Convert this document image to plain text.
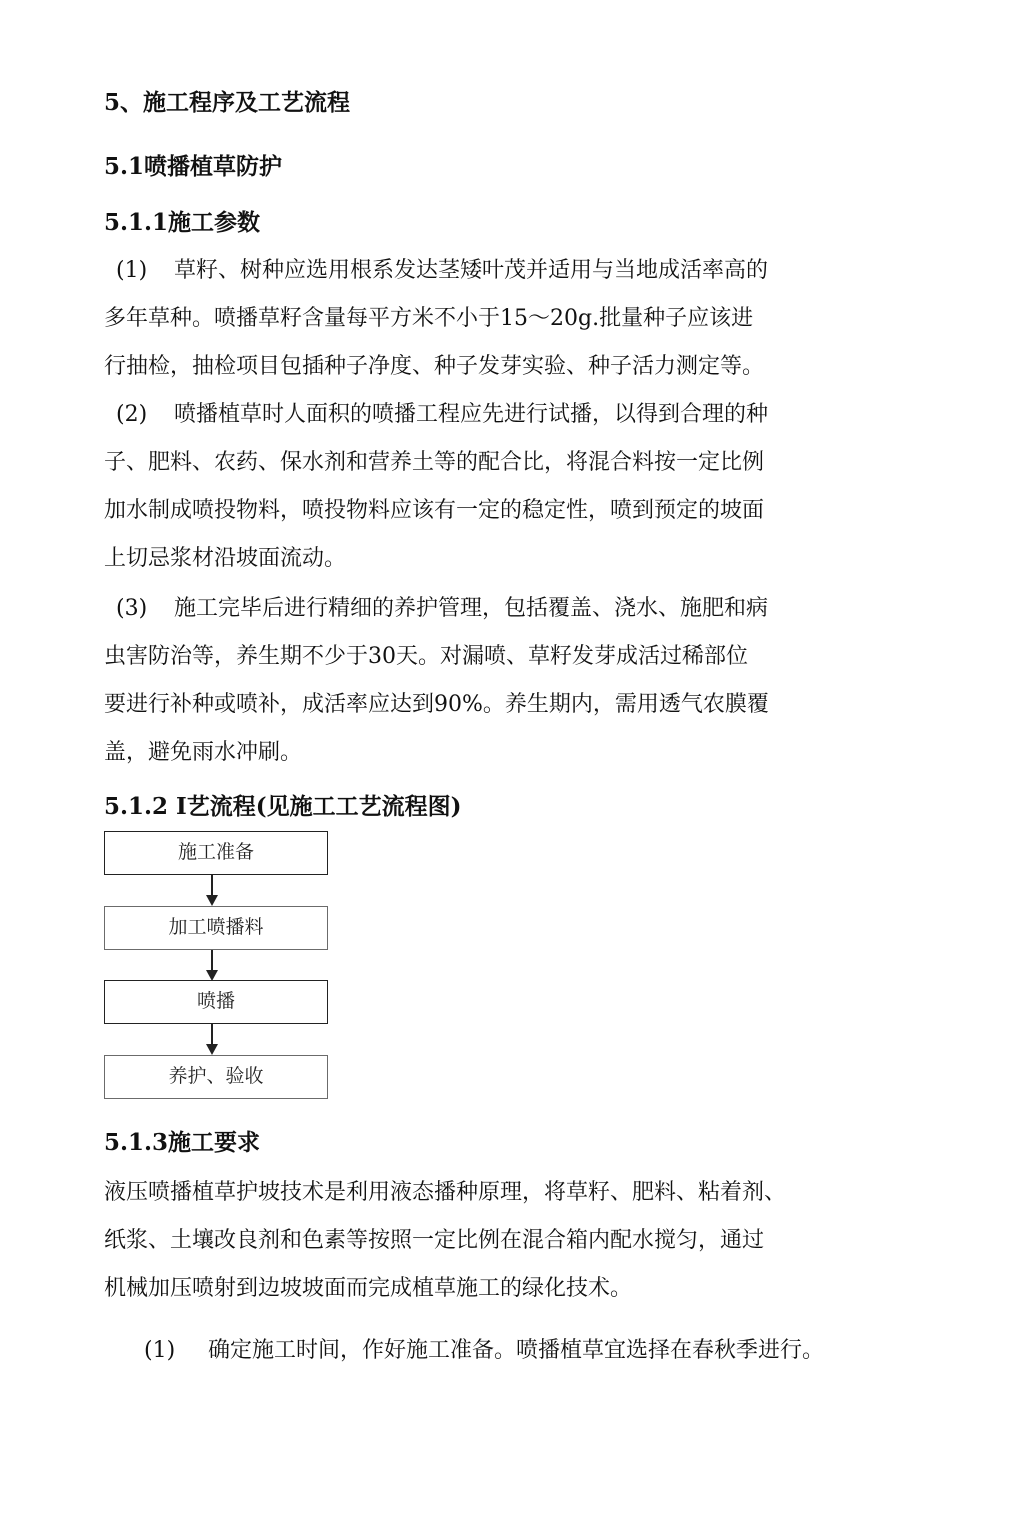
5、施工程序及工艺流程
5.1喷播植草防护
5.1.1施工参数
(1) 草籽、树种应选用根系发达茎矮叶茂并适用与当地成活率高的
多年草种。喷播草籽含量每平方米不小于15～20g.批量种子应该进
行抽检，抽检项目包插种子净度、种子发芽实验、种子活力测定等。
(2) 喷播植草时人面积的喷播工程应先进行试播，以得到合理的种
子、肥料、农药、保水剂和营养土等的配合比，将混合料按一定比例
加水制成喷投物料，喷投物料应该有一定的稳定性，喷到预定的坡面
上切忌浆材沿坡面流动。
(3) 施工完毕后进行精细的养护管理，包括覆盖、浇水、施肥和病
虫害防治等，养生期不少于30天。对漏喷、草籽发芽成活过稀部位
要进行补种或喷补，成活率应达到90%。养生期内，需用透气农膜覆
盖，避免雨水冲刷。
5.1.2 I艺流程(见施工工艺流程图)
施工准备
加工喷播料
喷播
养护、验收
5.1.3施工要求
液压喷播植草护坡技术是利用液态播种原理，将草籽、肥料、粘着剂、
纸浆、土壤改良剂和色素等按照一定比例在混合箱内配水搅匀，通过
机械加压喷射到边坡坡面而完成植草施工的绿化技术。
(1) 确定施工时间，作好施工准备。喷播植草宜选择在春秋季进行。
